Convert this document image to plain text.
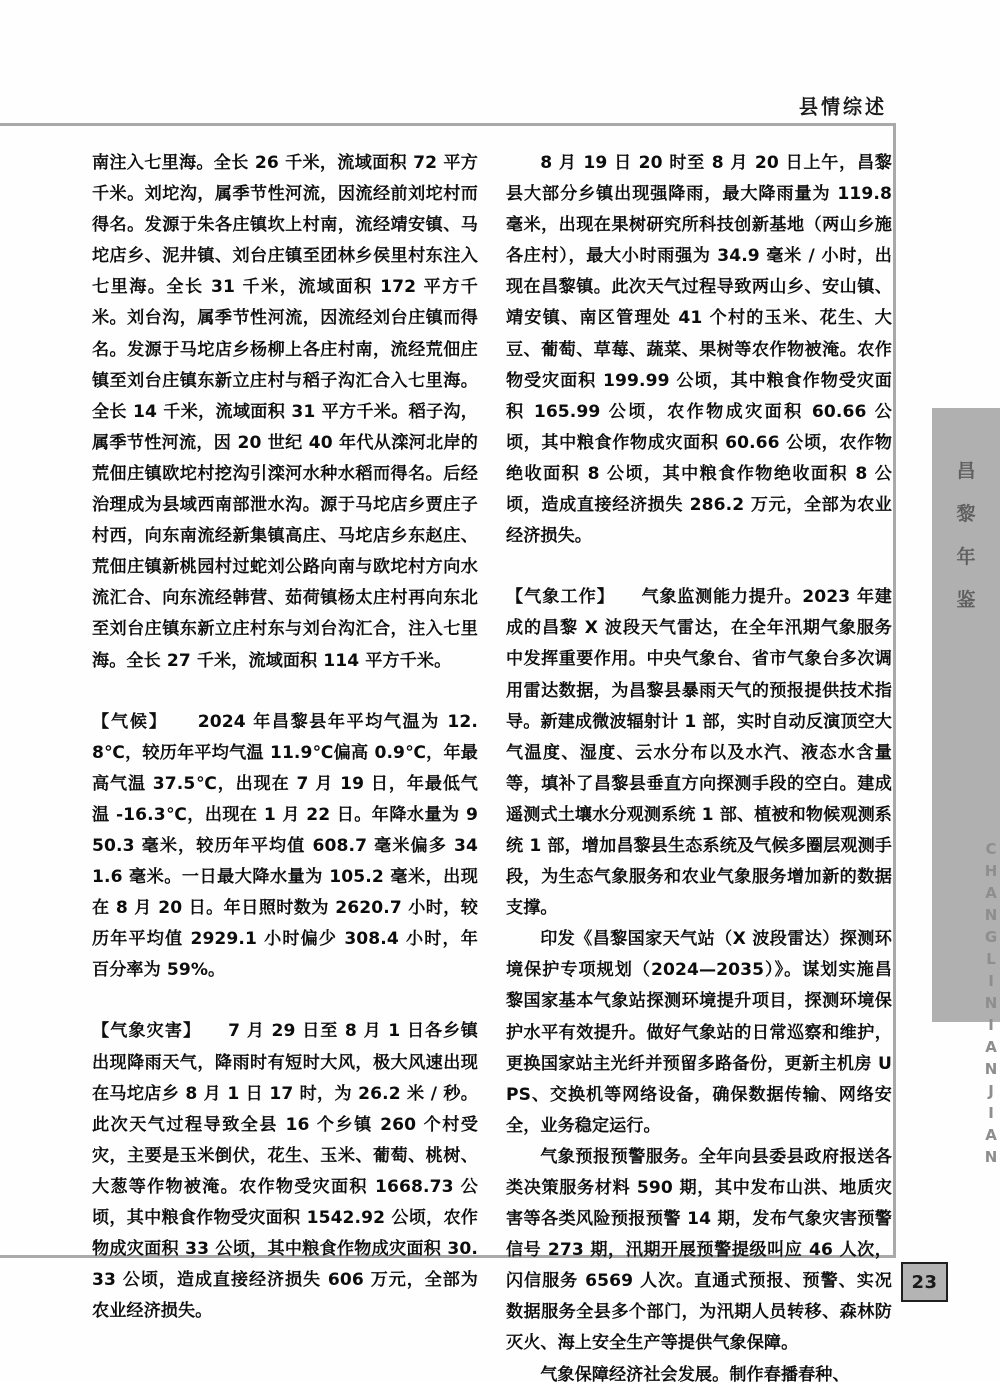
县情综述

南注入七里海。全长 26 千米，流域面积 72 平方千米。刘坨沟，属季节性河流，因流经前刘坨村而得名。发源于朱各庄镇坎上村南，流经靖安镇、马坨店乡、泥井镇、刘台庄镇至团林乡侯里村东注入七里海。全长 31 千米，流域面积 172 平方千米。刘台沟，属季节性河流，因流经刘台庄镇而得名。发源于马坨店乡杨柳上各庄村南，流经荒佃庄镇至刘台庄镇东新立庄村与稻子沟汇合入七里海。全长 14 千米，流域面积 31 平方千米。稻子沟，属季节性河流，因 20 世纪 40 年代从滦河北岸的荒佃庄镇欧坨村挖沟引滦河水种水稻而得名。后经治理成为县域西南部泄水沟。源于马坨店乡贾庄子村西，向东南流经新集镇高庄、马坨店乡东赵庄、荒佃庄镇新桃园村过蛇刘公路向南与欧坨村方向水流汇合、向东流经韩营、茹荷镇杨太庄村再向东北至刘台庄镇东新立庄村东与刘台沟汇合，注入七里海。全长 27 千米，流域面积 114 平方千米。

【气候】 2024 年昌黎县年平均气温为 12.8℃，较历年平均气温 11.9℃偏高 0.9℃，年最高气温 37.5℃，出现在 7 月 19 日，年最低气温 -16.3℃，出现在 1 月 22 日。年降水量为 950.3 毫米，较历年平均值 608.7 毫米偏多 341.6 毫米。一日最大降水量为 105.2 毫米，出现在 8 月 20 日。年日照时数为 2620.7 小时，较历年平均值 2929.1 小时偏少 308.4 小时，年百分率为 59%。

【气象灾害】 7 月 29 日至 8 月 1 日各乡镇出现降雨天气，降雨时有短时大风，极大风速出现在马坨店乡 8 月 1 日 17 时，为 26.2 米 / 秒。此次天气过程导致全县 16 个乡镇 260 个村受灾，主要是玉米倒伏，花生、玉米、葡萄、桃树、大葱等作物被淹。农作物受灾面积 1668.73 公顷，其中粮食作物受灾面积 1542.92 公顷，农作物成灾面积 33 公顷，其中粮食作物成灾面积 30.33 公顷，造成直接经济损失 606 万元，全部为农业经济损失。

8 月 19 日 20 时至 8 月 20 日上午，昌黎县大部分乡镇出现强降雨，最大降雨量为 119.8 毫米，出现在果树研究所科技创新基地（两山乡施各庄村），最大小时雨强为 34.9 毫米 / 小时，出现在昌黎镇。此次天气过程导致两山乡、安山镇、靖安镇、南区管理处 41 个村的玉米、花生、大豆、葡萄、草莓、蔬菜、果树等农作物被淹。农作物受灾面积 199.99 公顷，其中粮食作物受灾面积 165.99 公顷，农作物成灾面积 60.66 公顷，其中粮食作物成灾面积 60.66 公顷，农作物绝收面积 8 公顷，其中粮食作物绝收面积 8 公顷，造成直接经济损失 286.2 万元，全部为农业经济损失。

【气象工作】 气象监测能力提升。2023 年建成的昌黎 X 波段天气雷达，在全年汛期气象服务中发挥重要作用。中央气象台、省市气象台多次调用雷达数据，为昌黎县暴雨天气的预报提供技术指导。新建成微波辐射计 1 部，实时自动反演顶空大气温度、湿度、云水分布以及水汽、液态水含量等，填补了昌黎县垂直方向探测手段的空白。建成遥测式土壤水分观测系统 1 部、植被和物候观测系统 1 部，增加昌黎县生态系统及气候多圈层观测手段，为生态气象服务和农业气象服务增加新的数据支撑。

印发《昌黎国家天气站（X 波段雷达）探测环境保护专项规划（2024—2035）》。谋划实施昌黎国家基本气象站探测环境提升项目，探测环境保护水平有效提升。做好气象站的日常巡察和维护，更换国家站主光纤并预留多路备份，更新主机房 UPS、交换机等网络设备，确保数据传输、网络安全，业务稳定运行。

气象预报预警服务。全年向县委县政府报送各类决策服务材料 590 期，其中发布山洪、地质灾害等各类风险预报预警 14 期，发布气象灾害预警信号 273 期，汛期开展预警提级叫应 46 人次，闪信服务 6569 人次。直通式预报、预警、实况数据服务全县多个部门，为汛期人员转移、森林防灭火、海上安全生产等提供气象保障。

气象保障经济社会发展。制作春播春种、

昌
黎
年
鉴
CHANGLINIANJIAN
23
